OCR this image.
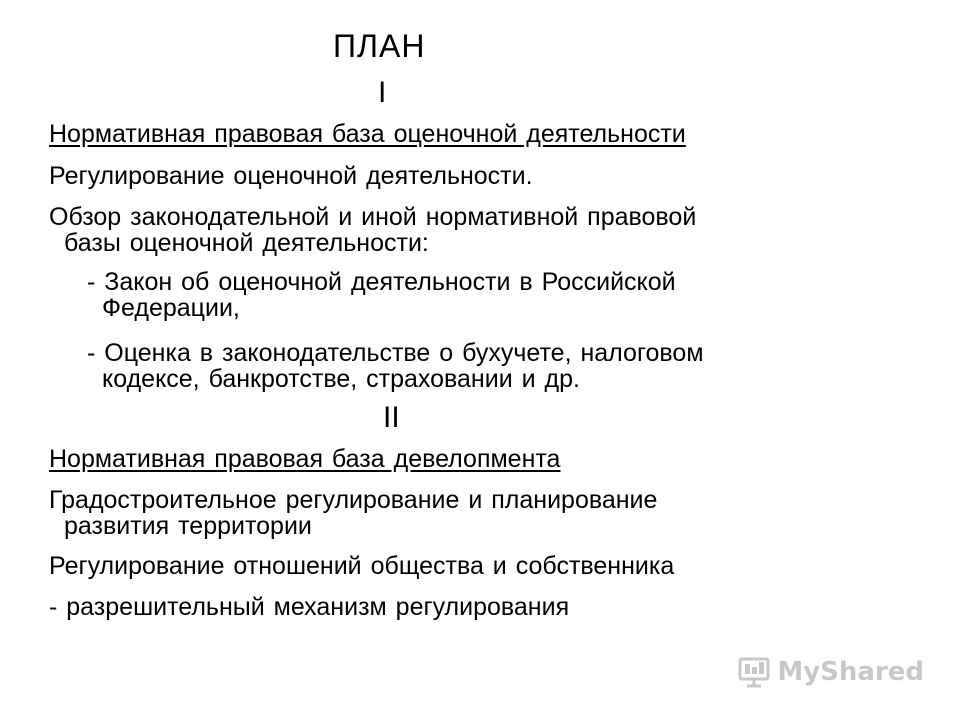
ПЛАН
I
Нормативная правовая база оценочной деятельности
Регулирование оценочной деятельности.
Обзор законодательной и иной нормативной правовой
базы оценочной деятельности:
- Закон об оценочной деятельности в Российской
Федерации,
- Оценка в законодательстве о бухучете, налоговом
кодексе, банкротстве, страховании и др.
II
Нормативная правовая база девелопмента
Градостроительное регулирование и планирование
развития территории
Регулирование отношений общества и собственника
- разрешительный механизм регулирования
MyShared
